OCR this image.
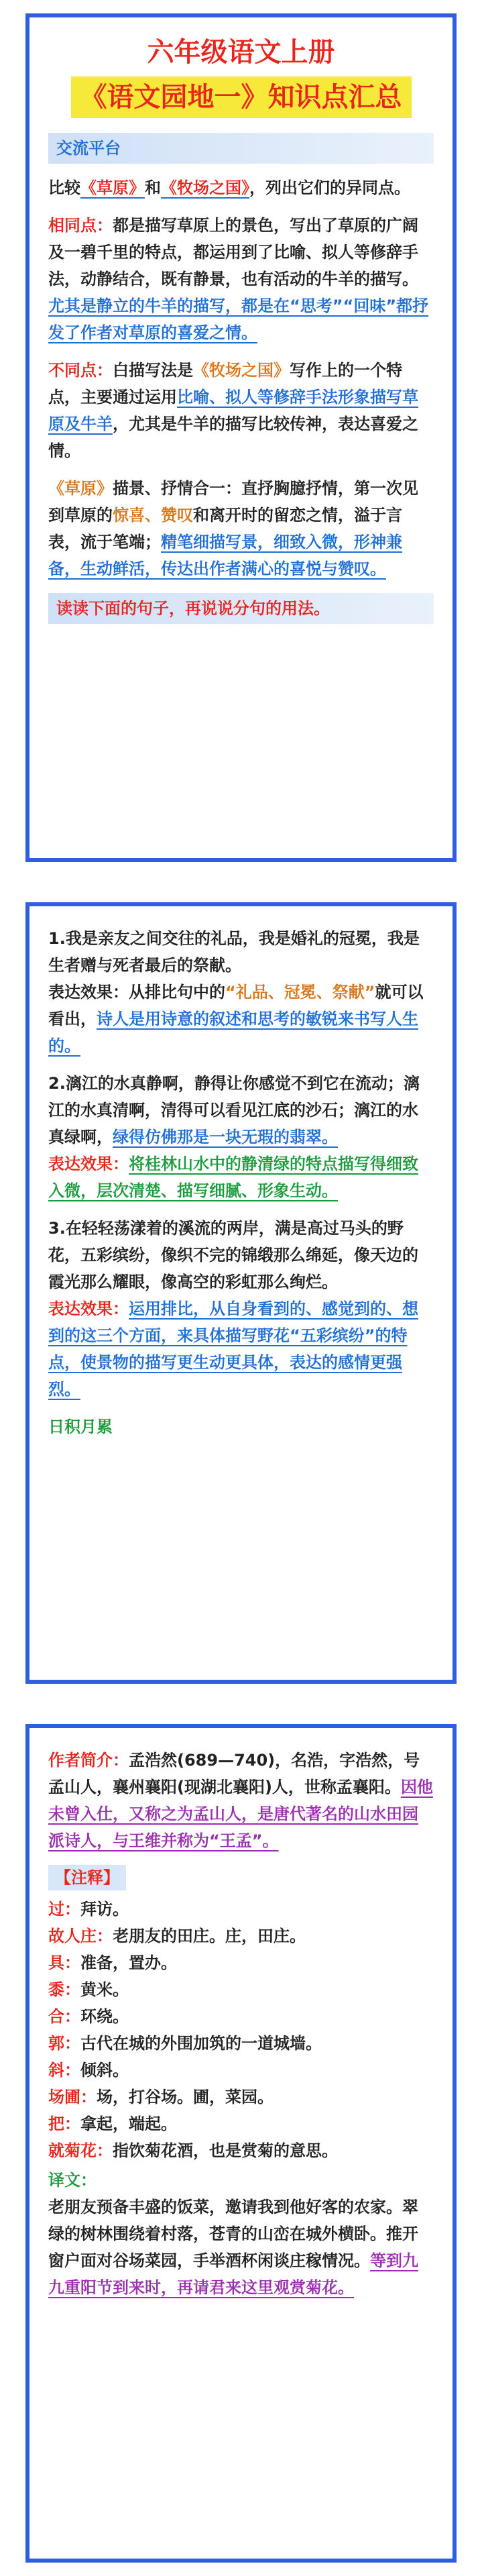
六年级语文上册
《语文园地一》知识点汇总
交流平台

比较《草原》和《牧场之国》，列出它们的异同点。

相同点：都是描写草原上的景色，写出了草原的广阔及一碧千里的特点，都运用到了比喻、拟人等修辞手法，动静结合，既有静景，也有活动的牛羊的描写。尤其是静立的牛羊的描写，都是在“思考”“回味”都抒发了作者对草原的喜爱之情。

不同点：白描写法是《牧场之国》写作上的一个特点，主要通过运用比喻、拟人等修辞手法形象描写草原及牛羊，尤其是牛羊的描写比较传神，表达喜爱之情。

《草原》描景、抒情合一：直抒胸臆抒情，第一次见到草原的惊喜、赞叹和离开时的留恋之情，溢于言表，流于笔端；精笔细描写景，细致入微，形神兼备，生动鲜活，传达出作者满心的喜悦与赞叹。

读读下面的句子，再说说分句的用法。

1.我是亲友之间交往的礼品，我是婚礼的冠冕，我是生者赠与死者最后的祭献。
表达效果：从排比句中的“礼品、冠冕、祭献”就可以看出，诗人是用诗意的叙述和思考的敏锐来书写人生的。

2.漓江的水真静啊，静得让你感觉不到它在流动；漓江的水真清啊，清得可以看见江底的沙石；漓江的水真绿啊，绿得仿佛那是一块无瑕的翡翠。
表达效果：将桂林山水中的静清绿的特点描写得细致入微，层次清楚、描写细腻、形象生动。

3.在轻轻荡漾着的溪流的两岸，满是高过马头的野花，五彩缤纷，像织不完的锦缎那么绵延，像天边的霞光那么耀眼，像高空的彩虹那么绚烂。
表达效果：运用排比，从自身看到的、感觉到的、想到的这三个方面，来具体描写野花“五彩缤纷”的特点，使景物的描写更生动更具体，表达的感情更强烈。

日积月累

作者简介：孟浩然(689—740)，名浩，字浩然，号孟山人，襄州襄阳(现湖北襄阳)人，世称孟襄阳。因他未曾入仕，又称之为孟山人，是唐代著名的山水田园派诗人，与王维并称为“王孟”。

【注释】
过：拜访。
故人庄：老朋友的田庄。庄，田庄。
具：准备，置办。
黍：黄米。
合：环绕。
郭：古代在城的外围加筑的一道城墙。
斜：倾斜。
场圃：场，打谷场。圃，菜园。
把：拿起，端起。
就菊花：指饮菊花酒，也是赏菊的意思。

译文：
老朋友预备丰盛的饭菜，邀请我到他好客的农家。翠绿的树林围绕着村落，苍青的山峦在城外横卧。推开窗户面对谷场菜园，手举酒杯闲谈庄稼情况。等到九九重阳节到来时，再请君来这里观赏菊花。
